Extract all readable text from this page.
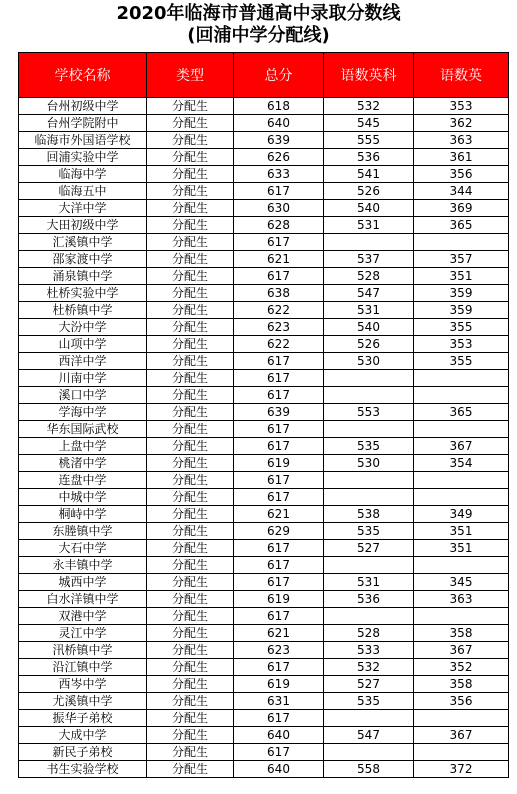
2020年临海市普通高中录取分数线
(回浦中学分配线)
学校名称	类型	总分	语数英科	语数英
台州初级中学	分配生	618	532	353
台州学院附中	分配生	640	545	362
临海市外国语学校	分配生	639	555	363
回浦实验中学	分配生	626	536	361
临海中学	分配生	633	541	356
临海五中	分配生	617	526	344
大洋中学	分配生	630	540	369
大田初级中学	分配生	628	531	365
汇溪镇中学	分配生	617		
邵家渡中学	分配生	621	537	357
涌泉镇中学	分配生	617	528	351
杜桥实验中学	分配生	638	547	359
杜桥镇中学	分配生	622	531	359
大汾中学	分配生	623	540	355
山项中学	分配生	622	526	353
西洋中学	分配生	617	530	355
川南中学	分配生	617		
溪口中学	分配生	617		
学海中学	分配生	639	553	365
华东国际武校	分配生	617		
上盘中学	分配生	617	535	367
桃渚中学	分配生	619	530	354
连盘中学	分配生	617		
中城中学	分配生	617		
桐峙中学	分配生	621	538	349
东塍镇中学	分配生	629	535	351
大石中学	分配生	617	527	351
永丰镇中学	分配生	617		
城西中学	分配生	617	531	345
白水洋镇中学	分配生	619	536	363
双港中学	分配生	617		
灵江中学	分配生	621	528	358
汛桥镇中学	分配生	623	533	367
沿江镇中学	分配生	617	532	352
西岑中学	分配生	619	527	358
尤溪镇中学	分配生	631	535	356
振华子弟校	分配生	617		
大成中学	分配生	640	547	367
新民子弟校	分配生	617		
书生实验学校	分配生	640	558	372
